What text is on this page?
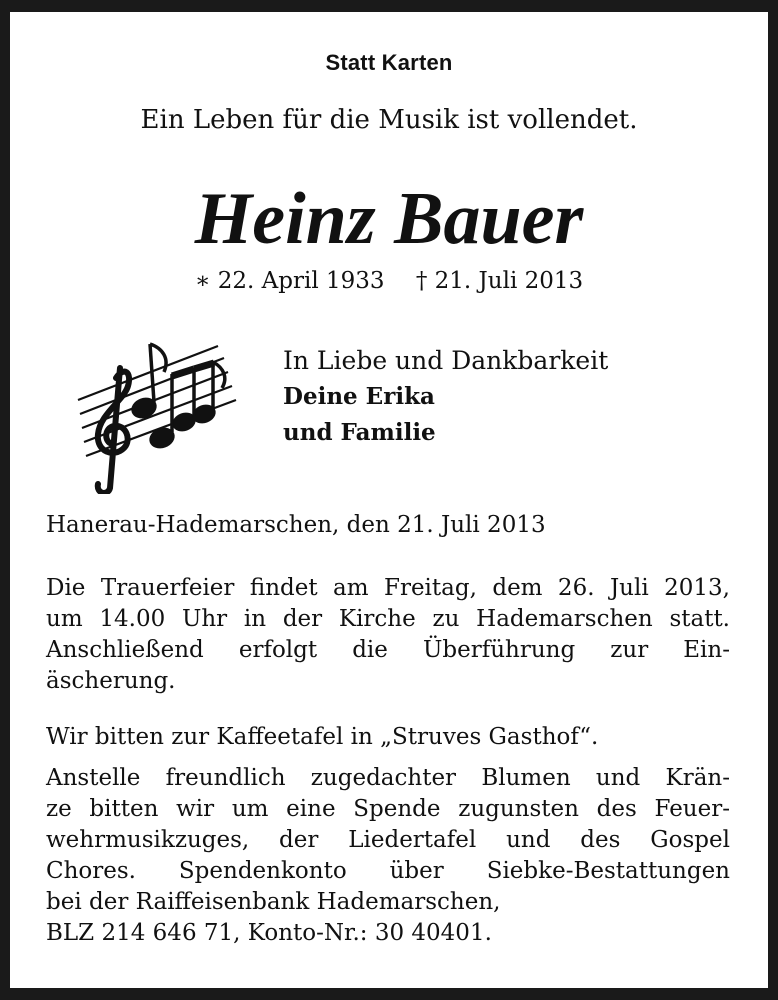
Statt Karten
Ein Leben für die Musik ist vollendet.
Heinz Bauer
∗ 22. April 1933 † 21. Juli 2013
In Liebe und Dankbarkeit
Deine Erika
und Familie
Hanerau-Hademarschen, den 21. Juli 2013
Die Trauerfeier findet am Freitag, dem 26. Juli 2013,
um 14.00 Uhr in der Kirche zu Hademarschen statt.
Anschließend erfolgt die Überführung zur Ein-
äscherung.
Wir bitten zur Kaffeetafel in „Struves Gasthof“.
Anstelle freundlich zugedachter Blumen und Krän-
ze bitten wir um eine Spende zugunsten des Feuer-
wehrmusikzuges, der Liedertafel und des Gospel
Chores. Spendenkonto über Siebke-Bestattungen
bei der Raiffeisenbank Hademarschen,
BLZ 214 646 71, Konto-Nr.: 30 40401.
